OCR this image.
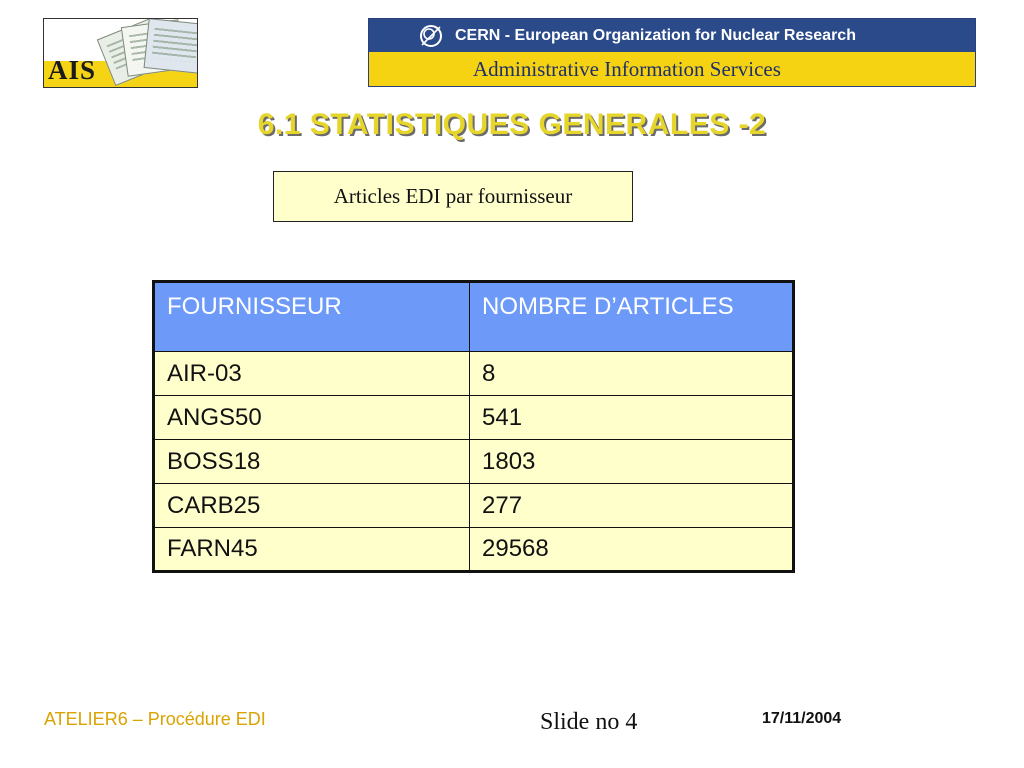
AIS
CERN - European Organization for Nuclear Research
Administrative Information Services
6.1 STATISTIQUES GENERALES -2
Articles EDI par fournisseur
FOURNISSEUR	NOMBRE D’ARTICLES
AIR-03	8
ANGS50	541
BOSS18	1803
CARB25	277
FARN45	29568
ATELIER6 – Procédure EDI	Slide no 4	17/11/2004
